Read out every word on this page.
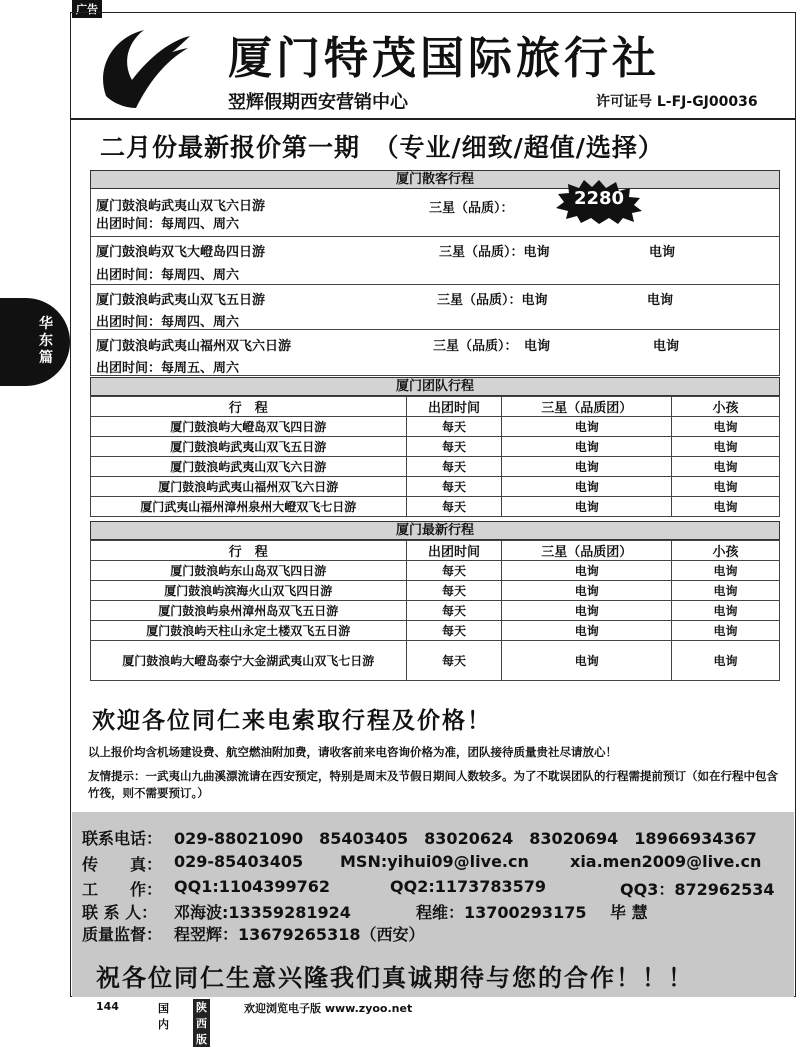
广告
厦门特茂国际旅行社
翌辉假期西安营销中心	许可证号 L-FJ-GJ00036
二月份最新报价第一期　（专业/细致/超值/选择）
华东篇
厦门散客行程
厦门鼓浪屿武夷山双飞六日游
出团时间：每周四、周六
三星（品质）：	2280
厦门鼓浪屿双飞大嶝岛四日游
出团时间：每周四、周六
三星（品质）：电询	电询
厦门鼓浪屿武夷山双飞五日游
出团时间：每周四、周六
三星（品质）：电询	电询
厦门鼓浪屿武夷山福州双飞六日游
出团时间：每周五、周六
三星（品质）：　电询	电询
厦门团队行程
行　程	出团时间	三星（品质团）	小孩
厦门鼓浪屿大嶝岛双飞四日游	每天	电询	电询
厦门鼓浪屿武夷山双飞五日游	每天	电询	电询
厦门鼓浪屿武夷山双飞六日游	每天	电询	电询
厦门鼓浪屿武夷山福州双飞六日游	每天	电询	电询
厦门武夷山福州漳州泉州大嶝双飞七日游	每天	电询	电询
厦门最新行程
行　程	出团时间	三星（品质团）	小孩
厦门鼓浪屿东山岛双飞四日游	每天	电询	电询
厦门鼓浪屿滨海火山双飞四日游	每天	电询	电询
厦门鼓浪屿泉州漳州岛双飞五日游	每天	电询	电询
厦门鼓浪屿天柱山永定土楼双飞五日游	每天	电询	电询
厦门鼓浪屿大嶝岛泰宁大金湖武夷山双飞七日游	每天	电询	电询
欢迎各位同仁来电索取行程及价格！
以上报价均含机场建设费、航空燃油附加费，请收客前来电咨询价格为准，团队接待质量贵社尽请放心！
友情提示：一武夷山九曲溪漂流请在西安预定，特别是周末及节假日期间人数较多。为了不耽误团队的行程需提前预订（如在行程中包含竹筏，则不需要预订。）
联系电话： 029-88021090　85403405　83020624　83020694　18966934367
传　　真： 029-85403405 MSN:yihui09@live.cn	xia.men2009@live.cn
工　　作： QQ1:1104399762	QQ2:1173783579	QQ3：872962534
联 系 人： 邓海波:13359281924	程维：13700293175 毕 慧
质量监督： 程翌辉：13679265318（西安）
祝各位同仁生意兴隆我们真诚期待与您的合作！！！
144	国内
陕西版
欢迎浏览电子版 www.zyoo.net
